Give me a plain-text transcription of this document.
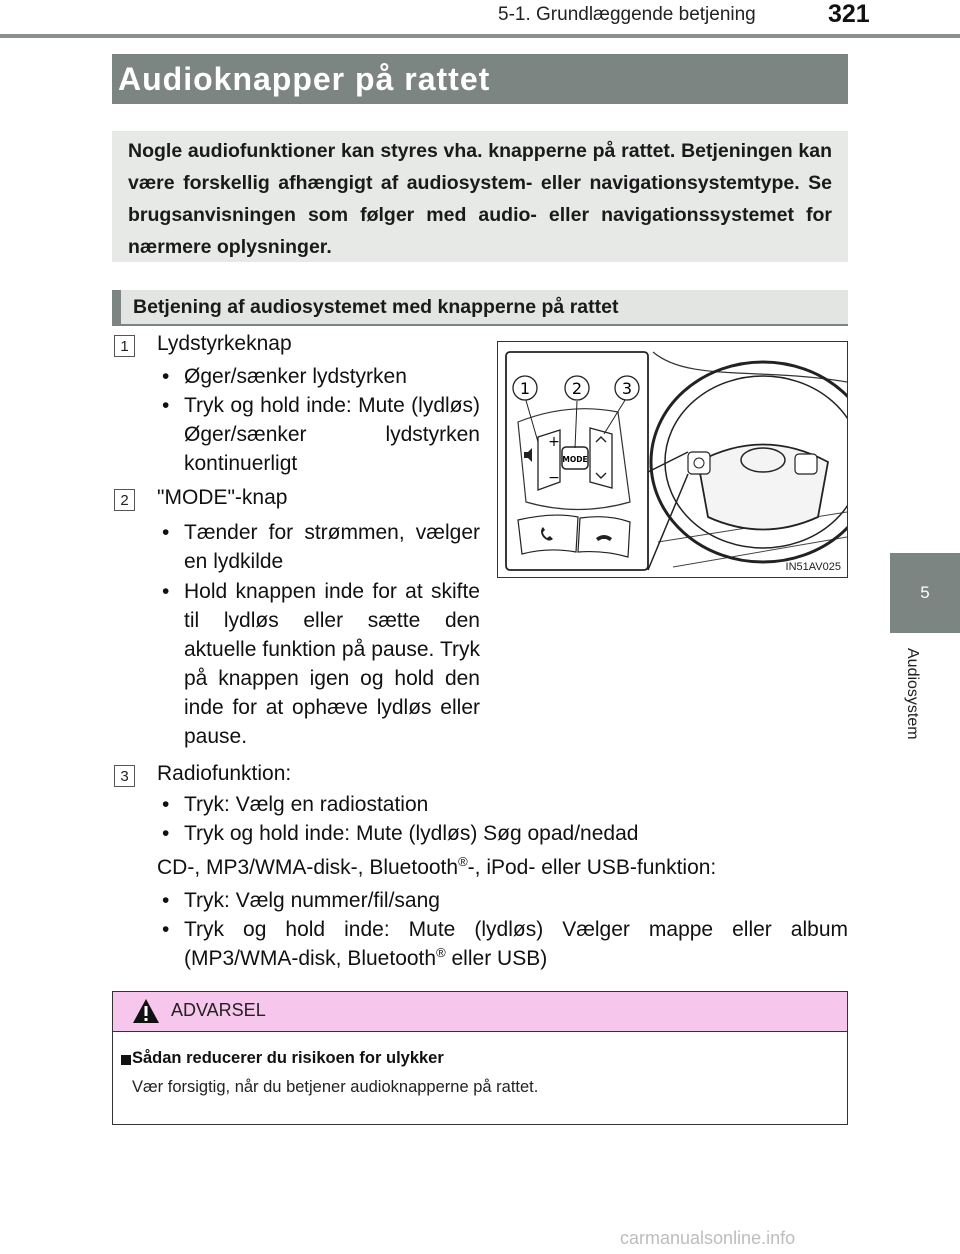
5-1. Grundlæggende betjening	321
Audioknapper på rattet
Nogle audiofunktioner kan styres vha. knapperne på rattet. Betjeningen kan være forskellig afhængigt af audiosystem- eller navigationsystemtype. Se brugsanvisningen som følger med audio- eller navigationssystemet for nærmere oplysninger.
Betjening af audiosystemet med knapperne på rattet
1	Lydstyrkeknap
• Øger/sænker lydstyrken
• Tryk og hold inde: Mute (lydløs) Øger/sænker lydstyrken kontinuerligt
2	"MODE"-knap
• Tænder for strømmen, vælger en lydkilde
• Hold knappen inde for at skifte til lydløs eller sætte den aktuelle funktion på pause. Tryk på knappen igen og hold den inde for at ophæve lydløs eller pause.
3	Radiofunktion:
• Tryk: Vælg en radiostation
• Tryk og hold inde: Mute (lydløs) Søg opad/nedad
CD-, MP3/WMA-disk-, Bluetooth®-, iPod- eller USB-funktion:
• Tryk: Vælg nummer/fil/sang
• Tryk og hold inde: Mute (lydløs) Vælger mappe eller album
(MP3/WMA-disk, Bluetooth® eller USB)
+
−
MODE
1	2 3
IN51AV025
5
Audiosystem
ADVARSEL
Sådan reducerer du risikoen for ulykker
Vær forsigtig, når du betjener audioknapperne på rattet.
carmanualsonline.info
